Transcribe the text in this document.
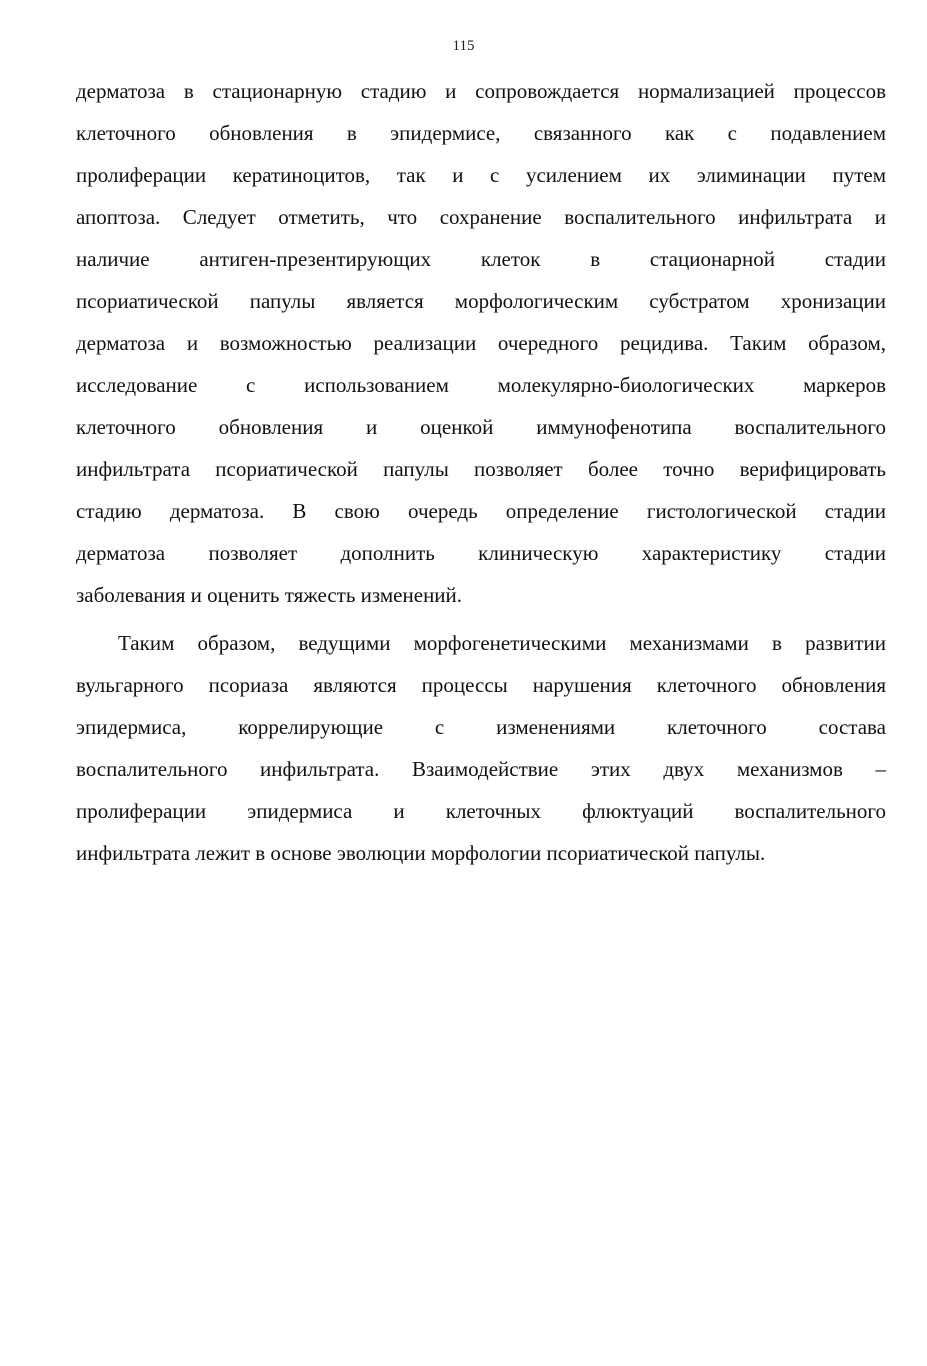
115
дерматоза в стационарную стадию и сопровождается нормализацией процессов
клеточного обновления в эпидермисе, связанного как с подавлением
пролиферации кератиноцитов, так и с усилением их элиминации путем
апоптоза. Следует отметить, что сохранение воспалительного инфильтрата и
наличие антиген-презентирующих клеток в стационарной стадии
псориатической папулы является морфологическим субстратом хронизации
дерматоза и возможностью реализации очередного рецидива. Таким образом,
исследование с использованием молекулярно-биологических маркеров
клеточного обновления и оценкой иммунофенотипа воспалительного
инфильтрата псориатической папулы позволяет более точно верифицировать
стадию дерматоза. В свою очередь определение гистологической стадии
дерматоза позволяет дополнить клиническую характеристику стадии
заболевания и оценить тяжесть изменений.
Таким образом, ведущими морфогенетическими механизмами в развитии
вульгарного псориаза являются процессы нарушения клеточного обновления
эпидермиса, коррелирующие с изменениями клеточного состава
воспалительного инфильтрата. Взаимодействие этих двух механизмов –
пролиферации эпидермиса и клеточных флюктуаций воспалительного
инфильтрата лежит в основе эволюции морфологии псориатической папулы.
